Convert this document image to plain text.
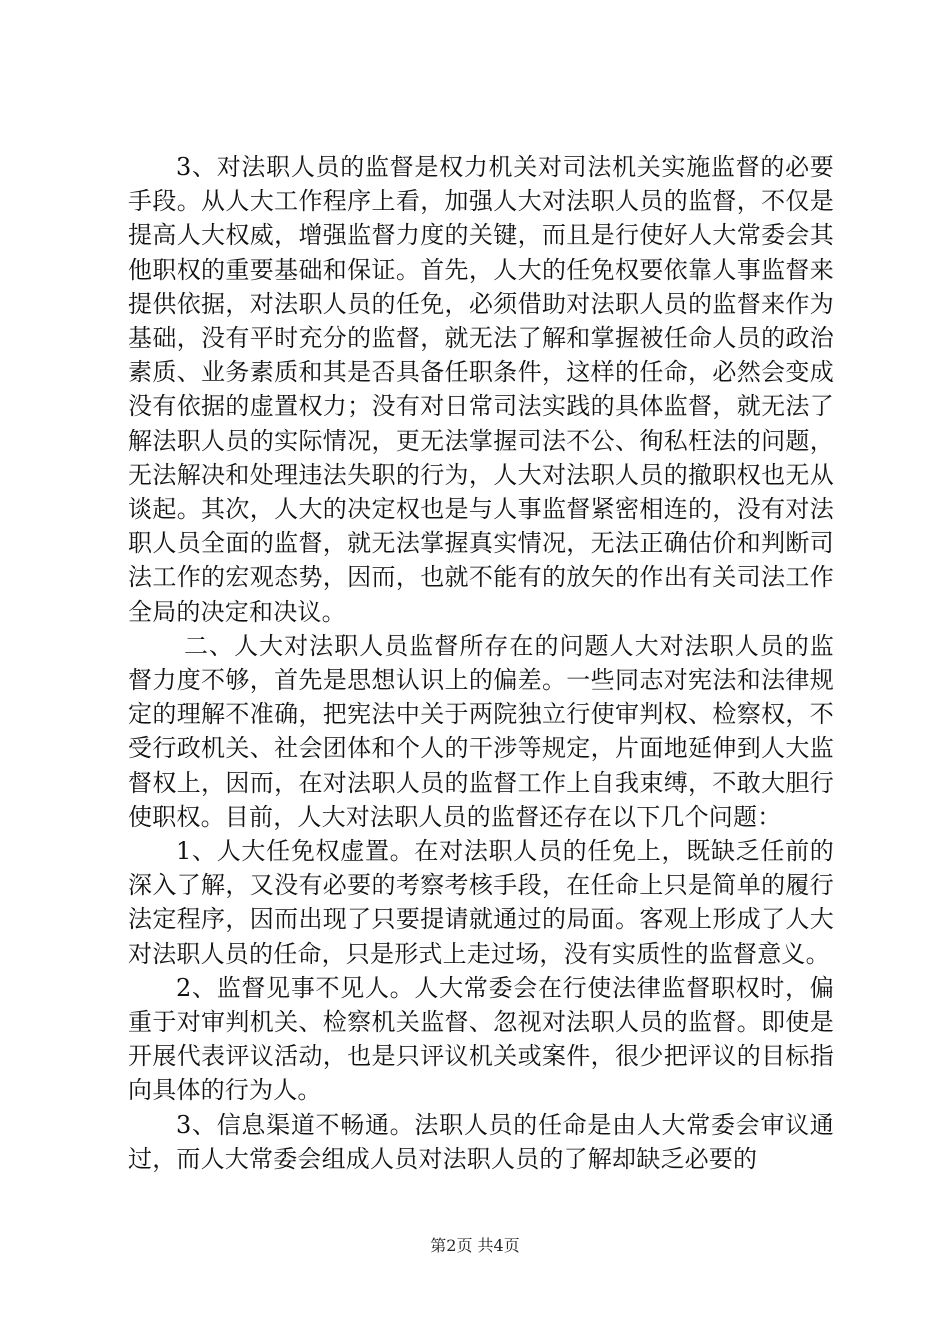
3、对法职人员的监督是权力机关对司法机关实施监督的必要手段。从人大工作程序上看，加强人大对法职人员的监督，不仅是提高人大权威，增强监督力度的关键，而且是行使好人大常委会其他职权的重要基础和保证。首先，人大的任免权要依靠人事监督来提供依据，对法职人员的任免，必须借助对法职人员的监督来作为基础，没有平时充分的监督，就无法了解和掌握被任命人员的政治素质、业务素质和其是否具备任职条件，这样的任命，必然会变成没有依据的虚置权力；没有对日常司法实践的具体监督，就无法了解法职人员的实际情况，更无法掌握司法不公、徇私枉法的问题，无法解决和处理违法失职的行为，人大对法职人员的撤职权也无从谈起。其次，人大的决定权也是与人事监督紧密相连的，没有对法职人员全面的监督，就无法掌握真实情况，无法正确估价和判断司法工作的宏观态势，因而，也就不能有的放矢的作出有关司法工作全局的决定和决议。

二、人大对法职人员监督所存在的问题人大对法职人员的监督力度不够，首先是思想认识上的偏差。一些同志对宪法和法律规定的理解不准确，把宪法中关于两院独立行使审判权、检察权，不受行政机关、社会团体和个人的干涉等规定，片面地延伸到人大监督权上，因而，在对法职人员的监督工作上自我束缚，不敢大胆行使职权。目前，人大对法职人员的监督还存在以下几个问题：

1、人大任免权虚置。在对法职人员的任免上，既缺乏任前的深入了解，又没有必要的考察考核手段，在任命上只是简单的履行法定程序，因而出现了只要提请就通过的局面。客观上形成了人大对法职人员的任命，只是形式上走过场，没有实质性的监督意义。

2、监督见事不见人。人大常委会在行使法律监督职权时，偏重于对审判机关、检察机关监督、忽视对法职人员的监督。即使是开展代表评议活动，也是只评议机关或案件，很少把评议的目标指向具体的行为人。

3、信息渠道不畅通。法职人员的任命是由人大常委会审议通过，而人大常委会组成人员对法职人员的了解却缺乏必要的

第2页 共4页
